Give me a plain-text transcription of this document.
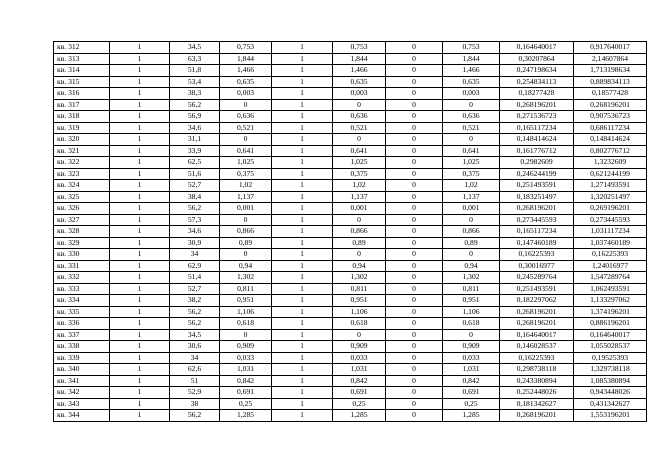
кв. 312	1	34,5	0,753	1	0,753	0	0,753	0,164640017	0,917640017
кв. 313	1	63,3	1,844	1	1,844	0	1,844	0,30207864	2,14607864
кв. 314	1	51,8	1,466	1	1,466	0	1,466	0,247198634	1,713198634
кв. 315	1	53,4	0,635	1	0,635	0	0,635	0,254834113	0,889834113
кв. 316	1	38,3	0,003	1	0,003	0	0,003	0,18277428	0,18577428
кв. 317	1	56,2	0	1	0	0	0	0,268196201	0,268196201
кв. 318	1	56,9	0,636	1	0,636	0	0,636	0,271536723	0,907536723
кв. 319	1	34,6	0,521	1	0,521	0	0,521	0,165117234	0,686117234
кв. 320	1	31,1	0	1	0	0	0	0,148414624	0,148414624
кв. 321	1	33,9	0,641	1	0,641	0	0,641	0,161776712	0,802776712
кв. 322	1	62,5	1,025	1	1,025	0	1,025	0,2982609	1,3232609
кв. 323	1	51,6	0,375	1	0,375	0	0,375	0,246244199	0,621244199
кв. 324	1	52,7	1,02	1	1,02	0	1,02	0,251493591	1,271493591
кв. 325	1	38,4	1,137	1	1,137	0	1,137	0,183251497	1,320251497
кв. 326	1	56,2	0,001	1	0,001	0	0,001	0,268196201	0,269196201
кв. 327	1	57,3	0	1	0	0	0	0,273445593	0,273445593
кв. 328	1	34,6	0,866	1	0,866	0	0,866	0,165117234	1,031117234
кв. 329	1	30,9	0,89	1	0,89	0	0,89	0,147460189	1,037460189
кв. 330	1	34	0	1	0	0	0	0,16225393	0,16225393
кв. 331	1	62,9	0,94	1	0,94	0	0,94	0,30016977	1,24016977
кв. 332	1	51,4	1,302	1	1,302	0	1,302	0,245289764	1,547289764
кв. 333	1	52,7	0,811	1	0,811	0	0,811	0,251493591	1,062493591
кв. 334	1	38,2	0,951	1	0,951	0	0,951	0,182297062	1,133297062
кв. 335	1	56,2	1,106	1	1,106	0	1,106	0,268196201	1,374196201
кв. 336	1	56,2	0,618	1	0,618	0	0,618	0,268196201	0,886196201
кв. 337	1	34,5	0	1	0	0	0	0,164640017	0,164640017
кв. 338	1	30,6	0,909	1	0,909	0	0,909	0,146028537	1,055028537
кв. 339	1	34	0,033	1	0,033	0	0,033	0,16225393	0,19525393
кв. 340	1	62,6	1,031	1	1,031	0	1,031	0,298738118	1,329738118
кв. 341	1	51	0,842	1	0,842	0	0,842	0,243380894	1,085380894
кв. 342	1	52,9	0,691	1	0,691	0	0,691	0,252448026	0,943448026
кв. 343	1	38	0,25	1	0,25	0	0,25	0,181342627	0,431342627
кв. 344	1	56,2	1,285	1	1,285	0	1,285	0,268196201	1,553196201
